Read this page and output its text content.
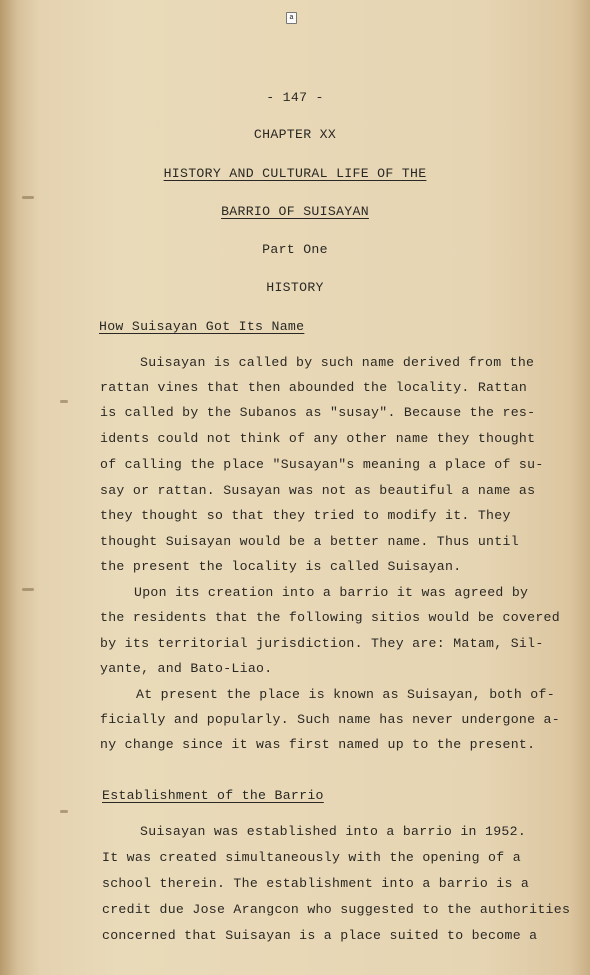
a
- 147 -
CHAPTER XX
HISTORY AND CULTURAL LIFE OF THE
BARRIO OF SUISAYAN
Part One
HISTORY
How Suisayan Got Its Name
Suisayan is called by such name derived from the
rattan vines that then abounded the locality. Rattan
is called by the Subanos as "susay". Because the res-
idents could not think of any other name they thought
of calling the place "Susayan"s meaning a place of su-
say or rattan. Susayan was not as beautiful a name as
they thought so that they tried to modify it. They
thought Suisayan would be a better name. Thus until
the present the locality is called Suisayan.
Upon its creation into a barrio it was agreed by
the residents that the following sitios would be covered
by its territorial jurisdiction. They are: Matam, Sil-
yante, and Bato-Liao.
At present the place is known as Suisayan, both of-
ficially and popularly. Such name has never undergone a-
ny change since it was first named up to the present.
Establishment of the Barrio
Suisayan was established into a barrio in 1952.
It was created simultaneously with the opening of a
school therein. The establishment into a barrio is a
credit due Jose Arangcon who suggested to the authorities
concerned that Suisayan is a place suited to become a
